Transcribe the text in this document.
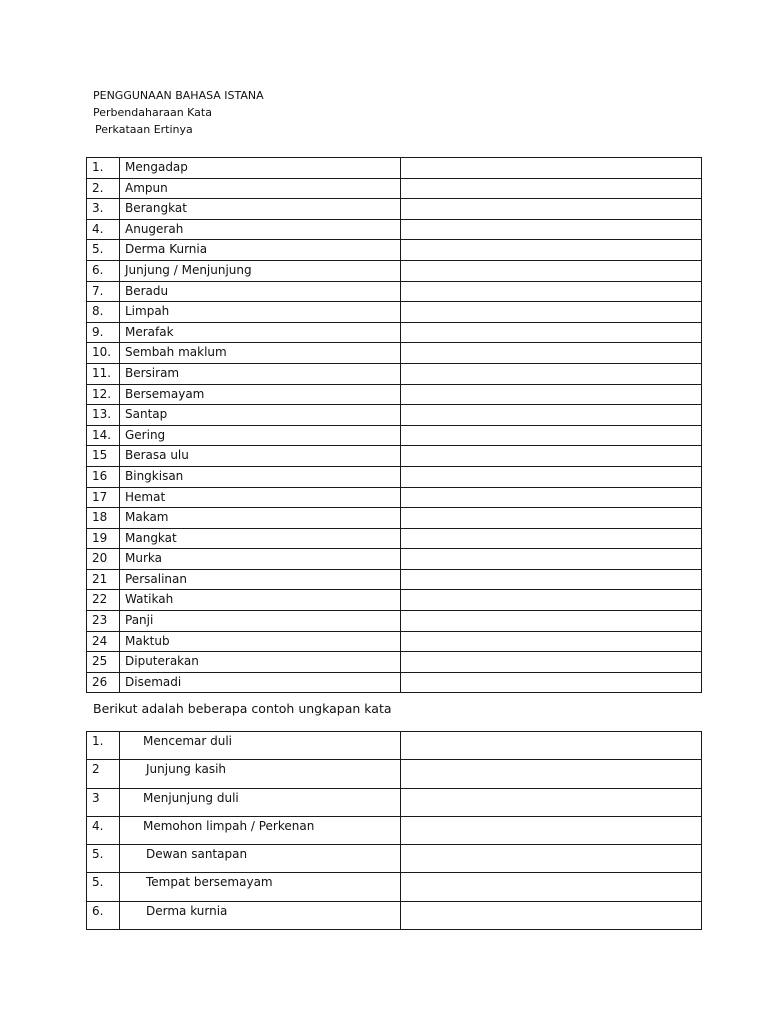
PENGGUNAAN BAHASA ISTANA
Perbendaharaan Kata
Perkataan Ertinya
1.	Mengadap	
2.	Ampun	
3.	Berangkat	
4.	Anugerah	
5.	Derma Kurnia	
6.	Junjung / Menjunjung	
7.	Beradu	
8.	Limpah	
9.	Merafak	
10.	Sembah maklum	
11.	Bersiram	
12.	Bersemayam	
13.	Santap	
14.	Gering	
15	Berasa ulu	
16	Bingkisan	
17	Hemat	
18	Makam	
19	Mangkat	
20	Murka	
21	Persalinan	
22	Watikah	
23	Panji	
24	Maktub	
25	Diputerakan	
26	Disemadi	
Berikut adalah beberapa contoh ungkapan kata
1.	Mencemar duli	
2	Junjung kasih	
3	Menjunjung duli	
4.	Memohon limpah / Perkenan	
5.	Dewan santapan	
5.	Tempat bersemayam	
6.	Derma kurnia	
